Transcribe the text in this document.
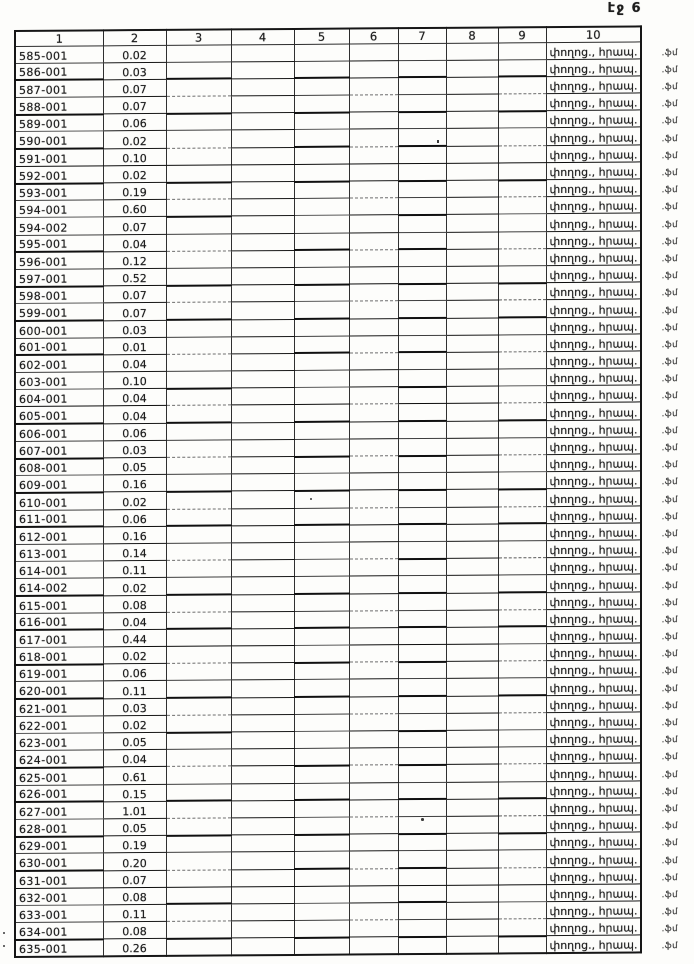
էջ 6
1	2	3	4	5	6	7	8	9	10
585-001	0.02								փողոց., հրապ. .ֆմ

586-001	0.03								փողոց., հրապ. .ֆմ

587-001	0.07								փողոց., հրապ. .ֆմ

588-001	0.07								փողոց., հրապ. .ֆմ

589-001	0.06								փողոց., հրապ. .ֆմ

590-001	0.02								փողոց., հրապ. .ֆմ

591-001	0.10								փողոց., հրապ. .ֆմ

592-001	0.02								փողոց., հրապ. .ֆմ

593-001	0.19								փողոց., հրապ. .ֆմ

594-001	0.60								փողոց., հրապ. .ֆմ

594-002	0.07								փողոց., հրապ. .ֆմ

595-001	0.04								փողոց., հրապ. .ֆմ

596-001	0.12								փողոց., հրապ. .ֆմ

597-001	0.52								փողոց., հրապ. .ֆմ

598-001	0.07								փողոց., հրապ. .ֆմ

599-001	0.07								փողոց., հրապ. .ֆմ

600-001	0.03								փողոց., հրապ. .ֆմ

601-001	0.01								փողոց., հրապ. .ֆմ

602-001	0.04								փողոց., հրապ. .ֆմ

603-001	0.10								փողոց., հրապ. .ֆմ

604-001	0.04								փողոց., հրապ. .ֆմ

605-001	0.04								փողոց., հրապ. .ֆմ

606-001	0.06								փողոց., հրապ. .ֆմ

607-001	0.03								փողոց., հրապ. .ֆմ

608-001	0.05								փողոց., հրապ. .ֆմ

609-001	0.16								փողոց., հրապ. .ֆմ

610-001	0.02								փողոց., հրապ. .ֆմ

611-001	0.06								փողոց., հրապ. .ֆմ

612-001	0.16								փողոց., հրապ. .ֆմ

613-001	0.14								փողոց., հրապ. .ֆմ

614-001	0.11								փողոց., հրապ. .ֆմ

614-002	0.02								փողոց., հրապ. .ֆմ

615-001	0.08								փողոց., հրապ. .ֆմ

616-001	0.04								փողոց., հրապ. .ֆմ

617-001	0.44								փողոց., հրապ. .ֆմ

618-001	0.02								փողոց., հրապ. .ֆմ

619-001	0.06								փողոց., հրապ. .ֆմ

620-001	0.11								փողոց., հրապ. .ֆմ

621-001	0.03								փողոց., հրապ. .ֆմ

622-001	0.02								փողոց., հրապ. .ֆմ

623-001	0.05								փողոց., հրապ. .ֆմ

624-001	0.04								փողոց., հրապ. .ֆմ

625-001	0.61								փողոց., հրապ. .ֆմ

626-001	0.15								փողոց., հրապ. .ֆմ

627-001	1.01								փողոց., հրապ. .ֆմ

628-001	0.05								փողոց., հրապ. .ֆմ

629-001	0.19								փողոց., հրապ. .ֆմ

630-001	0.20								փողոց., հրապ. .ֆմ

631-001	0.07								փողոց., հրապ. .ֆմ

632-001	0.08								փողոց., հրապ. .ֆմ

633-001	0.11								փողոց., հրապ. .ֆմ

634-001	0.08								փողոց., հրապ. .ֆմ

635-001	0.26								փողոց., հրապ. .ֆմ
